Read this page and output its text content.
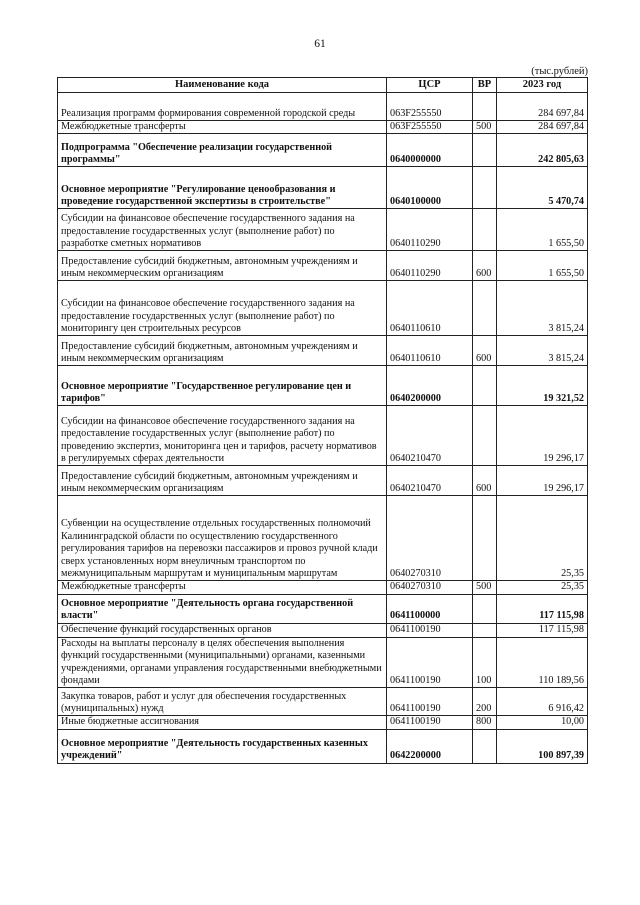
61
(тыс.рублей)
Наименование кода	ЦСР	ВР	2023 год
Реализация программ формирования современной городской среды	063F255550		284 697,84
Межбюджетные трансферты	063F255550	500	284 697,84
Подпрограмма "Обеспечение реализации государственной программы"	0640000000		242 805,63
Основное мероприятие "Регулирование ценообразования и проведение государственной экспертизы в строительстве"	0640100000		5 470,74
Субсидии на финансовое обеспечение государственного задания на предоставление государственных услуг (выполнение работ) по разработке сметных нормативов	0640110290		1 655,50
Предоставление субсидий бюджетным, автономным учреждениям и иным некоммерческим организациям	0640110290	600	1 655,50
Субсидии на финансовое обеспечение государственного задания на предоставление государственных услуг (выполнение работ) по мониторингу цен строительных ресурсов	0640110610		3 815,24
Предоставление субсидий бюджетным, автономным учреждениям и иным некоммерческим организациям	0640110610	600	3 815,24
Основное мероприятие "Государственное регулирование цен и тарифов"	0640200000		19 321,52
Субсидии на финансовое обеспечение государственного задания на предоставление государственных услуг (выполнение работ) по проведению экспертиз, мониторинга цен и тарифов, расчету нормативов в регулируемых сферах деятельности	0640210470		19 296,17
Предоставление субсидий бюджетным, автономным учреждениям и иным некоммерческим организациям	0640210470	600	19 296,17
Субвенции на осуществление отдельных государственных полномочий Калининградской области по осуществлению государственного регулирования тарифов на перевозки пассажиров и провоз ручной клади сверх установленных норм внеуличным транспортом по межмуниципальным маршрутам и муниципальным маршрутам	0640270310		25,35
Межбюджетные трансферты	0640270310	500	25,35
Основное мероприятие "Деятельность органа государственной власти"	0641100000		117 115,98
Обеспечение функций государственных органов	0641100190		117 115,98
Расходы на выплаты персоналу в целях обеспечения выполнения функций государственными (муниципальными) органами, казенными учреждениями, органами управления государственными внебюджетными фондами	0641100190	100	110 189,56
Закупка товаров, работ и услуг для обеспечения государственных (муниципальных) нужд	0641100190	200	6 916,42
Иные бюджетные ассигнования	0641100190	800	10,00
Основное мероприятие "Деятельность государственных казенных учреждений"	0642200000		100 897,39
